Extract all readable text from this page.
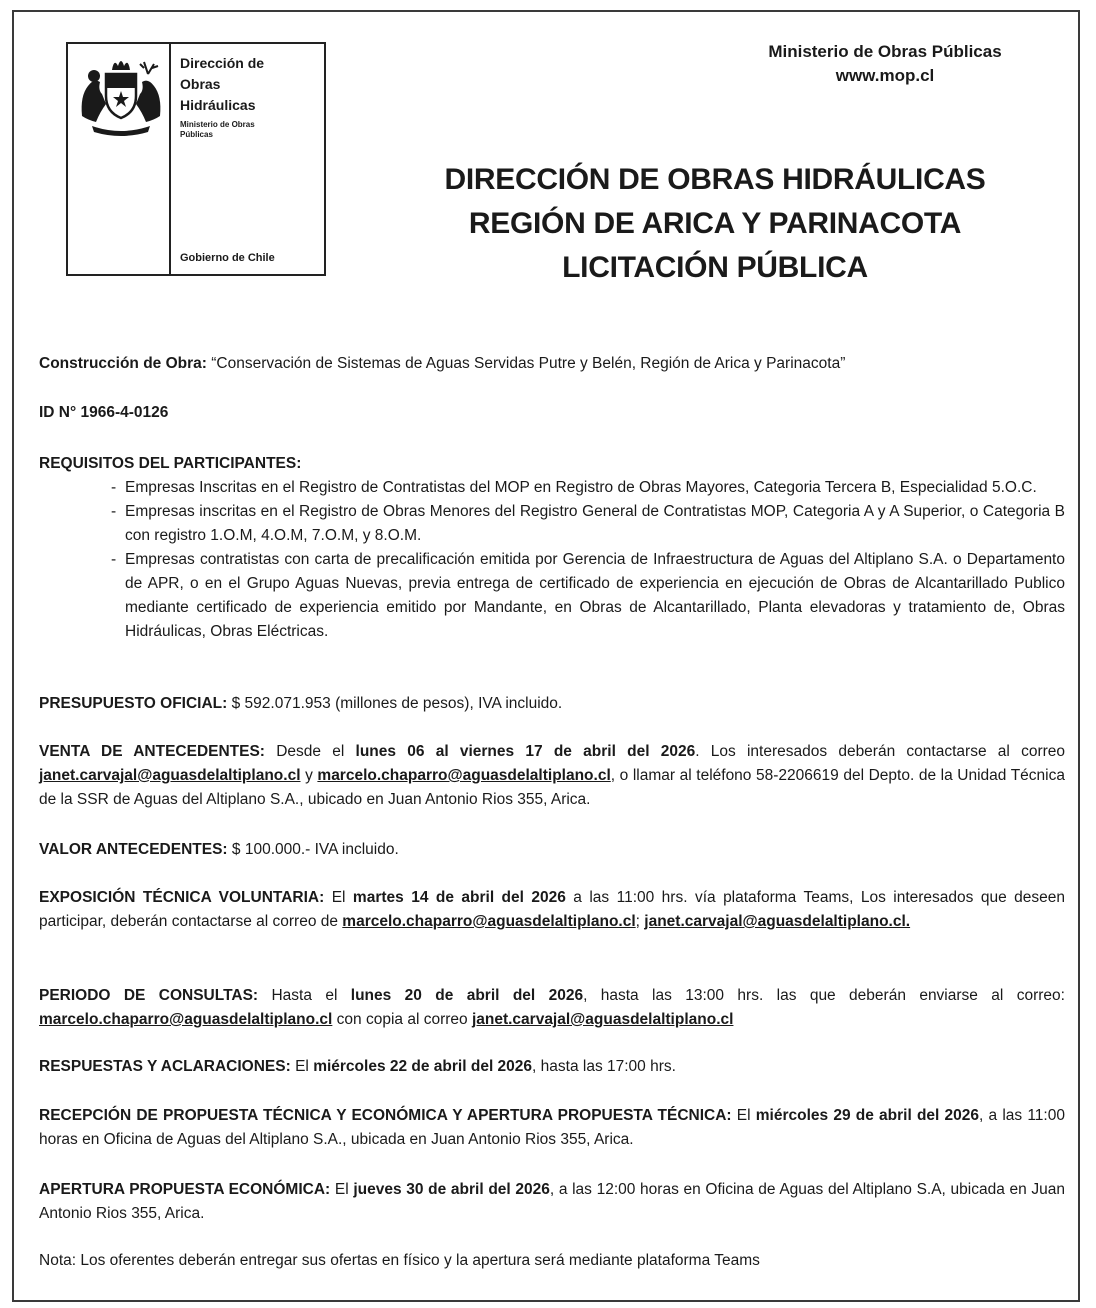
Dirección de
Obras
Hidráulicas
Ministerio de Obras
Públicas
Gobierno de Chile
Ministerio de Obras Públicas
www.mop.cl
DIRECCIÓN DE OBRAS HIDRÁULICAS
REGIÓN DE ARICA Y PARINACOTA
LICITACIÓN PÚBLICA

Construcción de Obra: “Conservación de Sistemas de Aguas Servidas Putre y Belén, Región de Arica y Parinacota”

ID N° 1966-4-0126

REQUISITOS DEL PARTICIPANTES:

- Empresas Inscritas en el Registro de Contratistas del MOP en Registro de Obras Mayores, Categoria Tercera B, Especialidad 5.O.C.
- Empresas inscritas en el Registro de Obras Menores del Registro General de Contratistas MOP, Categoria A y A Superior, o Categoria B con registro 1.O.M, 4.O.M, 7.O.M, y 8.O.M.
- Empresas contratistas con carta de precalificación emitida por Gerencia de Infraestructura de Aguas del Altiplano S.A. o Departamento de APR, o en el Grupo Aguas Nuevas, previa entrega de certificado de experiencia en ejecución de Obras de Alcantarillado Publico mediante certificado de experiencia emitido por Mandante, en Obras de Alcantarillado, Planta elevadoras y tratamiento de, Obras Hidráulicas, Obras Eléctricas.

PRESUPUESTO OFICIAL: $ 592.071.953 (millones de pesos), IVA incluido.

VENTA DE ANTECEDENTES: Desde el lunes 06 al viernes 17 de abril del 2026. Los interesados deberán contactarse al correo janet.carvajal@aguasdelaltiplano.cl y marcelo.chaparro@aguasdelaltiplano.cl, o llamar al teléfono 58-2206619 del Depto. de la Unidad Técnica de la SSR de Aguas del Altiplano S.A., ubicado en Juan Antonio Rios 355, Arica.

VALOR ANTECEDENTES: $ 100.000.- IVA incluido.

EXPOSICIÓN TÉCNICA VOLUNTARIA: El martes 14 de abril del 2026 a las 11:00 hrs. vía plataforma Teams, Los interesados que deseen participar, deberán contactarse al correo de marcelo.chaparro@aguasdelaltiplano.cl; janet.carvajal@aguasdelaltiplano.cl.

PERIODO DE CONSULTAS: Hasta el lunes 20 de abril del 2026, hasta las 13:00 hrs. las que deberán enviarse al correo: marcelo.chaparro@aguasdelaltiplano.cl con copia al correo janet.carvajal@aguasdelaltiplano.cl

RESPUESTAS Y ACLARACIONES: El miércoles 22 de abril del 2026, hasta las 17:00 hrs.

RECEPCIÓN DE PROPUESTA TÉCNICA Y ECONÓMICA Y APERTURA PROPUESTA TÉCNICA: El miércoles 29 de abril del 2026, a las 11:00 horas en Oficina de Aguas del Altiplano S.A., ubicada en Juan Antonio Rios 355, Arica.

APERTURA PROPUESTA ECONÓMICA: El jueves 30 de abril del 2026, a las 12:00 horas en Oficina de Aguas del Altiplano S.A, ubicada en Juan Antonio Rios 355, Arica.

Nota: Los oferentes deberán entregar sus ofertas en físico y la apertura será mediante plataforma Teams
